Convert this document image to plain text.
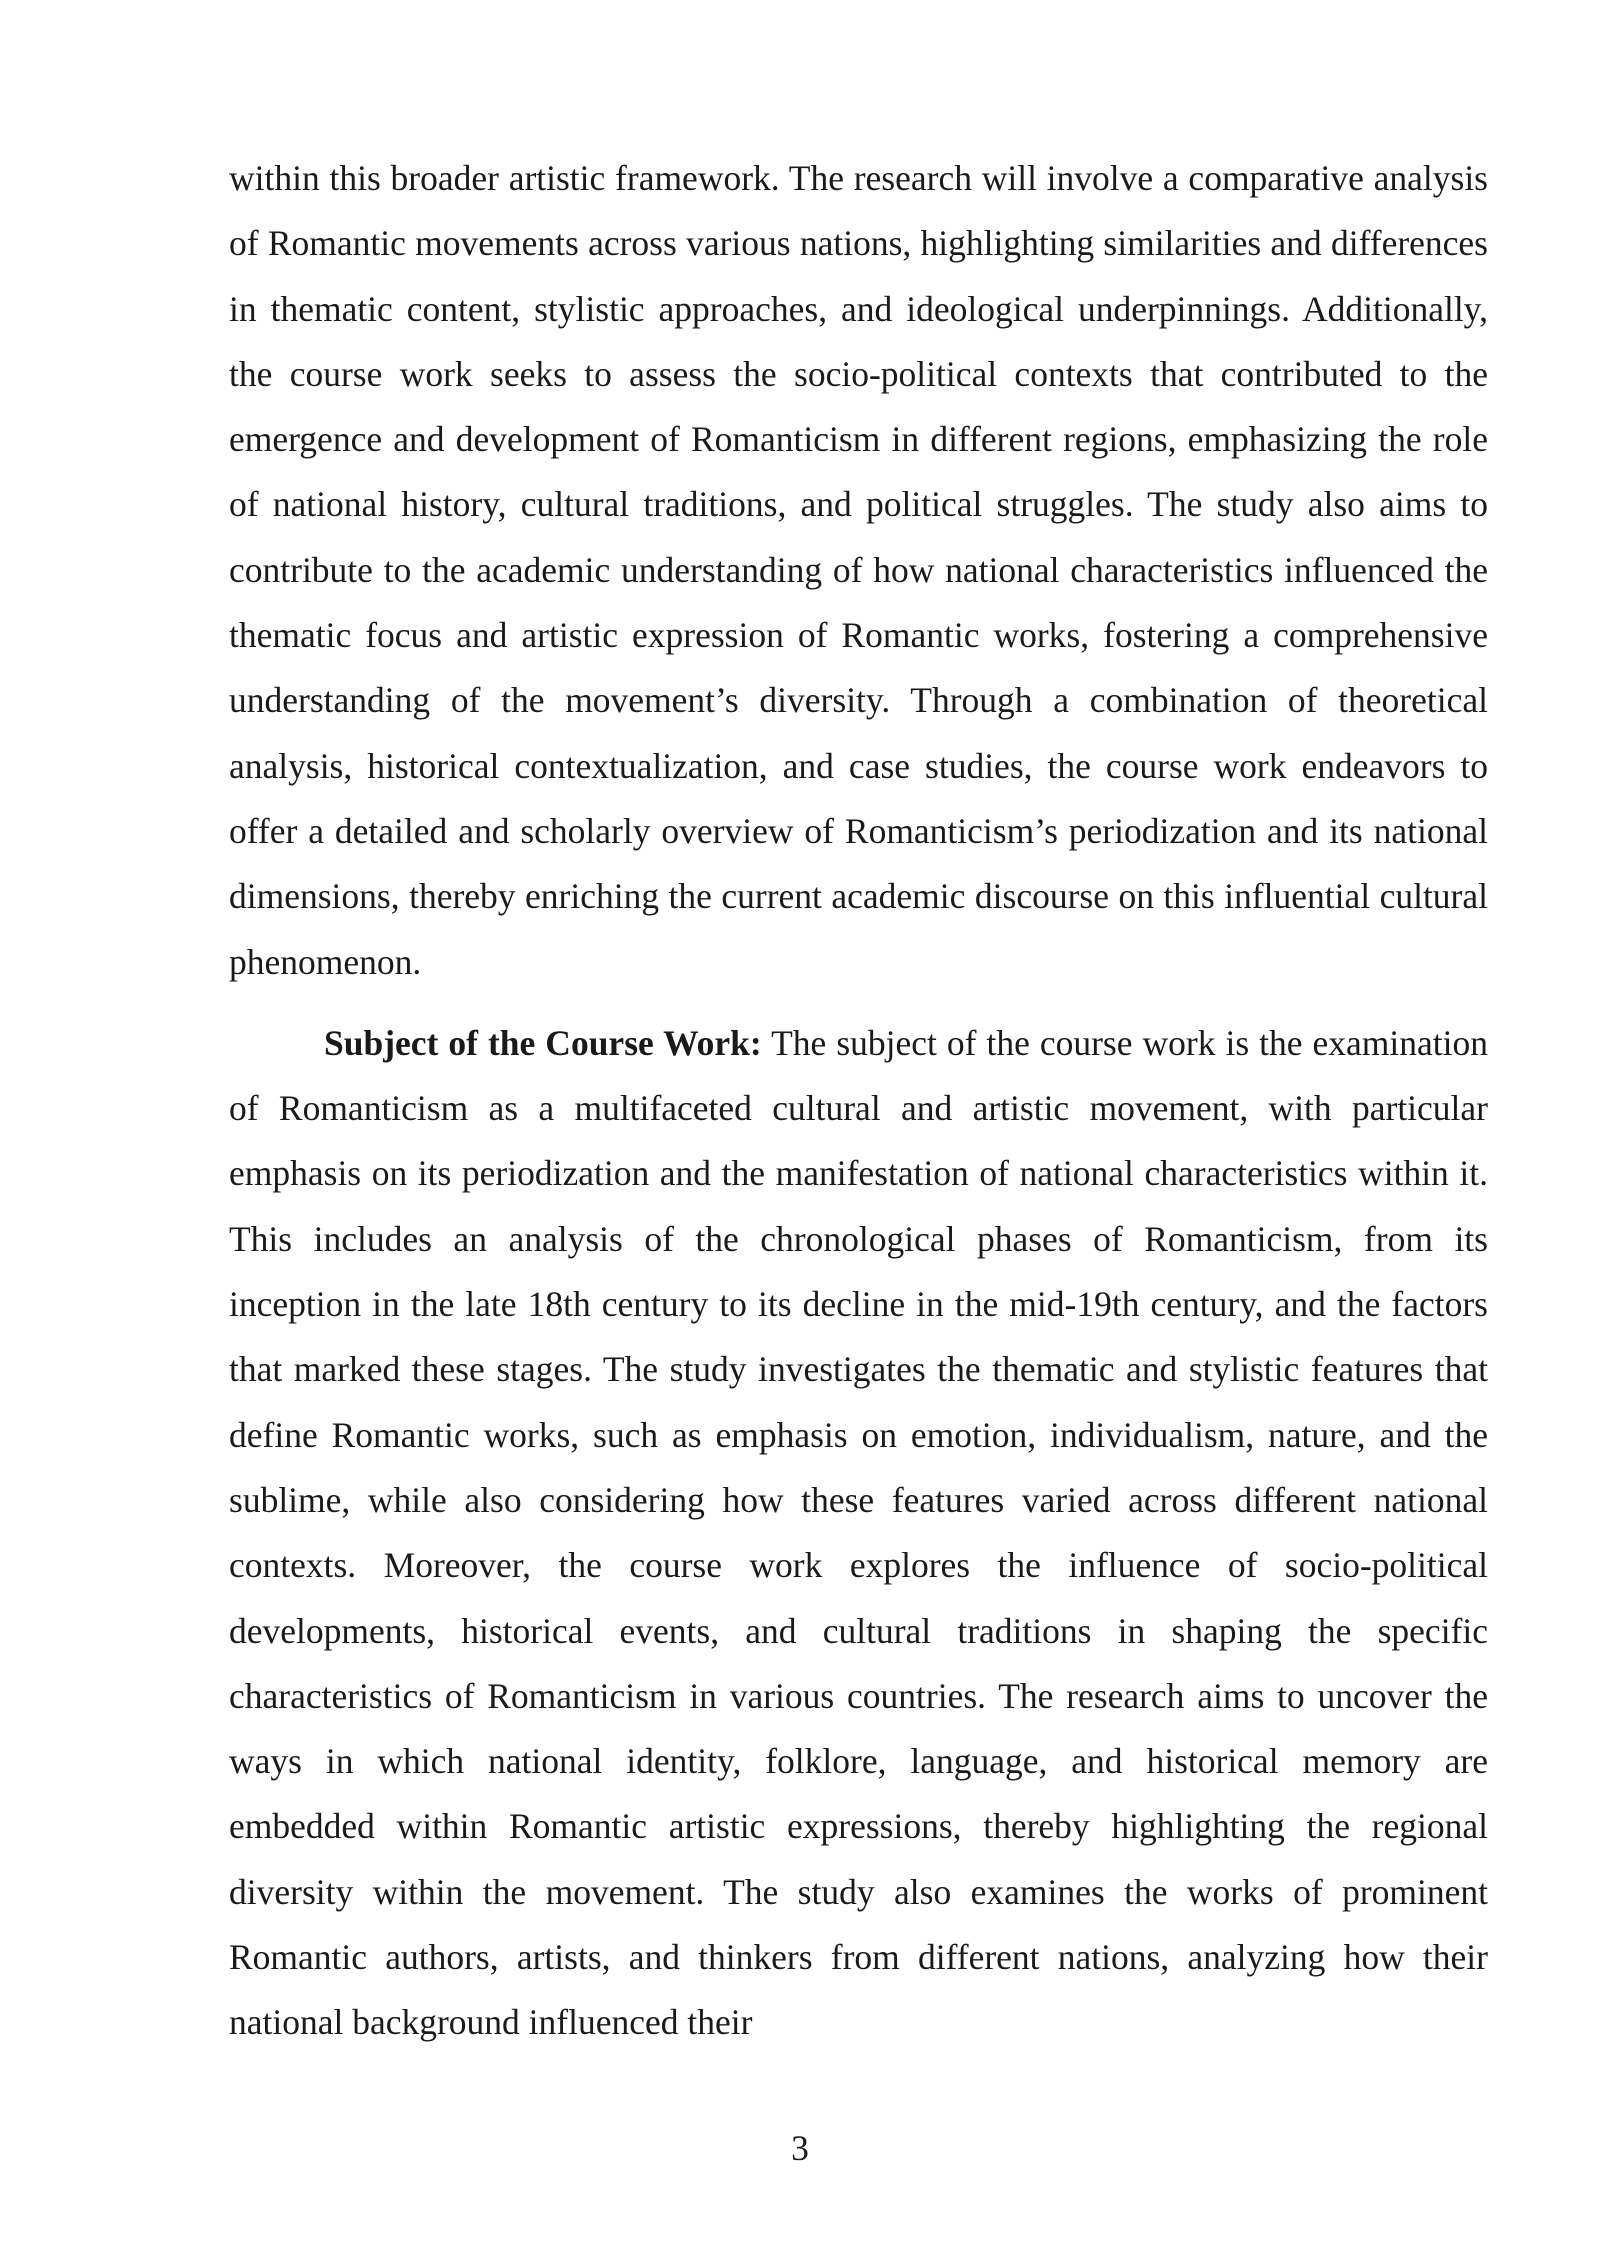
within this broader artistic framework. The research will involve a comparative analysis of Romantic movements across various nations, highlighting similarities and differences in thematic content, stylistic approaches, and ideological underpinnings. Additionally, the course work seeks to assess the socio-political contexts that contributed to the emergence and development of Romanticism in different regions, emphasizing the role of national history, cultural traditions, and political struggles. The study also aims to contribute to the academic understanding of how national characteristics influenced the thematic focus and artistic expression of Romantic works, fostering a comprehensive understanding of the movement’s diversity. Through a combination of theoretical analysis, historical contextualization, and case studies, the course work endeavors to offer a detailed and scholarly overview of Romanticism’s periodization and its national dimensions, thereby enriching the current academic discourse on this influential cultural phenomenon.

Subject of the Course Work: The subject of the course work is the examination of Romanticism as a multifaceted cultural and artistic movement, with particular emphasis on its periodization and the manifestation of national characteristics within it. This includes an analysis of the chronological phases of Romanticism, from its inception in the late 18th century to its decline in the mid-19th century, and the factors that marked these stages. The study investigates the thematic and stylistic features that define Romantic works, such as emphasis on emotion, individualism, nature, and the sublime, while also considering how these features varied across different national contexts. Moreover, the course work explores the influence of socio-political developments, historical events, and cultural traditions in shaping the specific characteristics of Romanticism in various countries. The research aims to uncover the ways in which national identity, folklore, language, and historical memory are embedded within Romantic artistic expressions, thereby highlighting the regional diversity within the movement. The study also examines the works of prominent Romantic authors, artists, and thinkers from different nations, analyzing how their national background influenced their

3
